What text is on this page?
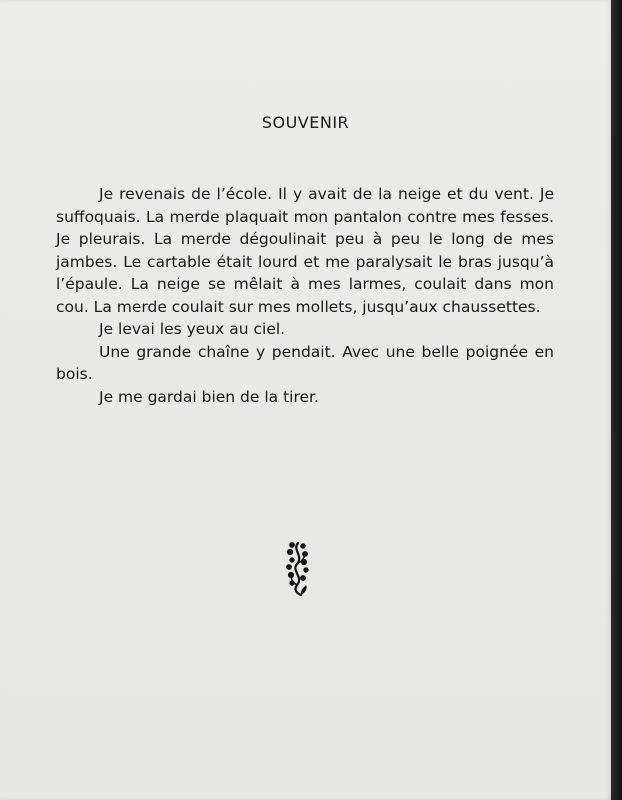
SOUVENIR

Je revenais de l’école. Il y avait de la neige et du vent. Je suffoquais. La merde plaquait mon pantalon contre mes fesses. Je pleurais. La merde dégoulinait peu à peu le long de mes jambes. Le cartable était lourd et me paralysait le bras jusqu’à l’épaule. La neige se mêlait à mes larmes, coulait dans mon cou. La merde coulait sur mes mollets, jusqu’aux chaussettes.

Je levai les yeux au ciel.

Une grande chaîne y pendait. Avec une belle poignée en bois.

Je me gardai bien de la tirer.
